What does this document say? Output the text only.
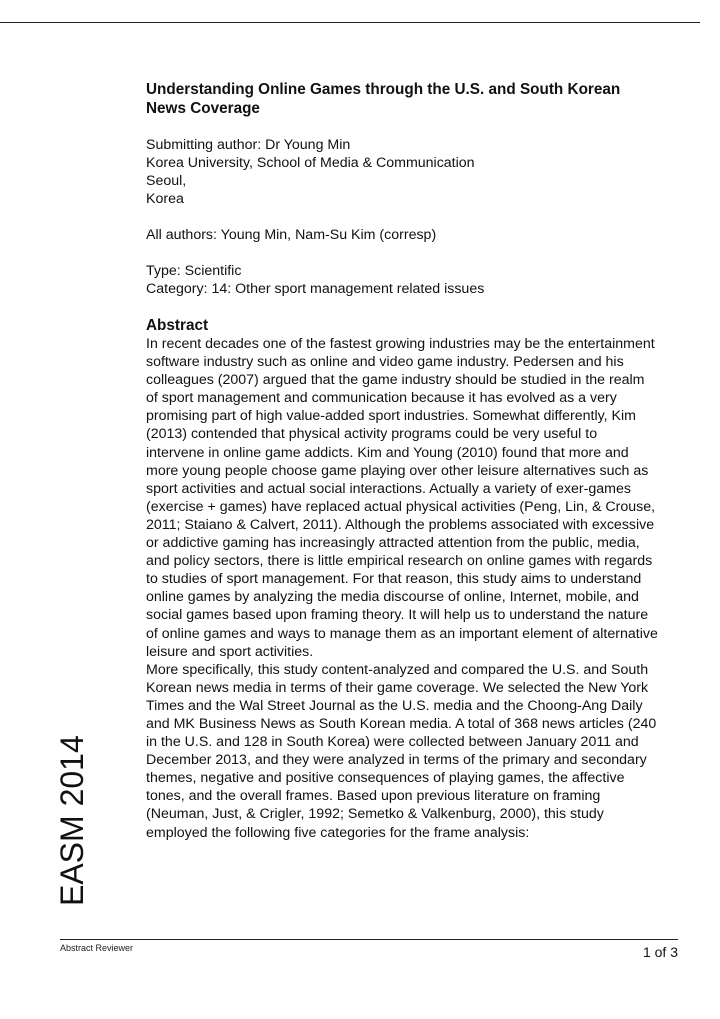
Understanding Online Games through the U.S. and South Korean News Coverage

Submitting author: Dr Young Min

Korea University, School of Media & Communication

Seoul,

Korea

All authors: Young Min, Nam-Su Kim (corresp)

Type: Scientific

Category: 14: Other sport management related issues

Abstract

In recent decades one of the fastest growing industries may be the entertainment software industry such as online and video game industry. Pedersen and his colleagues (2007) argued that the game industry should be studied in the realm of sport management and communication because it has evolved as a very promising part of high value-added sport industries. Somewhat differently, Kim (2013) contended that physical activity programs could be very useful to intervene in online game addicts. Kim and Young (2010) found that more and more young people choose game playing over other leisure alternatives such as sport activities and actual social interactions. Actually a variety of exer-games (exercise + games) have replaced actual physical activities (Peng, Lin, & Crouse, 2011; Staiano & Calvert, 2011). Although the problems associated with excessive or addictive gaming has increasingly attracted attention from the public, media, and policy sectors, there is little empirical research on online games with regards to studies of sport management. For that reason, this study aims to understand online games by analyzing the media discourse of online, Internet, mobile, and social games based upon framing theory. It will help us to understand the nature of online games and ways to manage them as an important element of alternative leisure and sport activities.

More specifically, this study content-analyzed and compared the U.S. and South Korean news media in terms of their game coverage. We selected the New York Times and the Wal Street Journal as the U.S. media and the Choong-Ang Daily and MK Business News as South Korean media. A total of 368 news articles (240 in the U.S. and 128 in South Korea) were collected between January 2011 and December 2013, and they were analyzed in terms of the primary and secondary themes, negative and positive consequences of playing games, the affective tones, and the overall frames. Based upon previous literature on framing (Neuman, Just, & Crigler, 1992; Semetko & Valkenburg, 2000), this study employed the following five categories for the frame analysis:

EASM 2014
Abstract Reviewer	1 of 3
